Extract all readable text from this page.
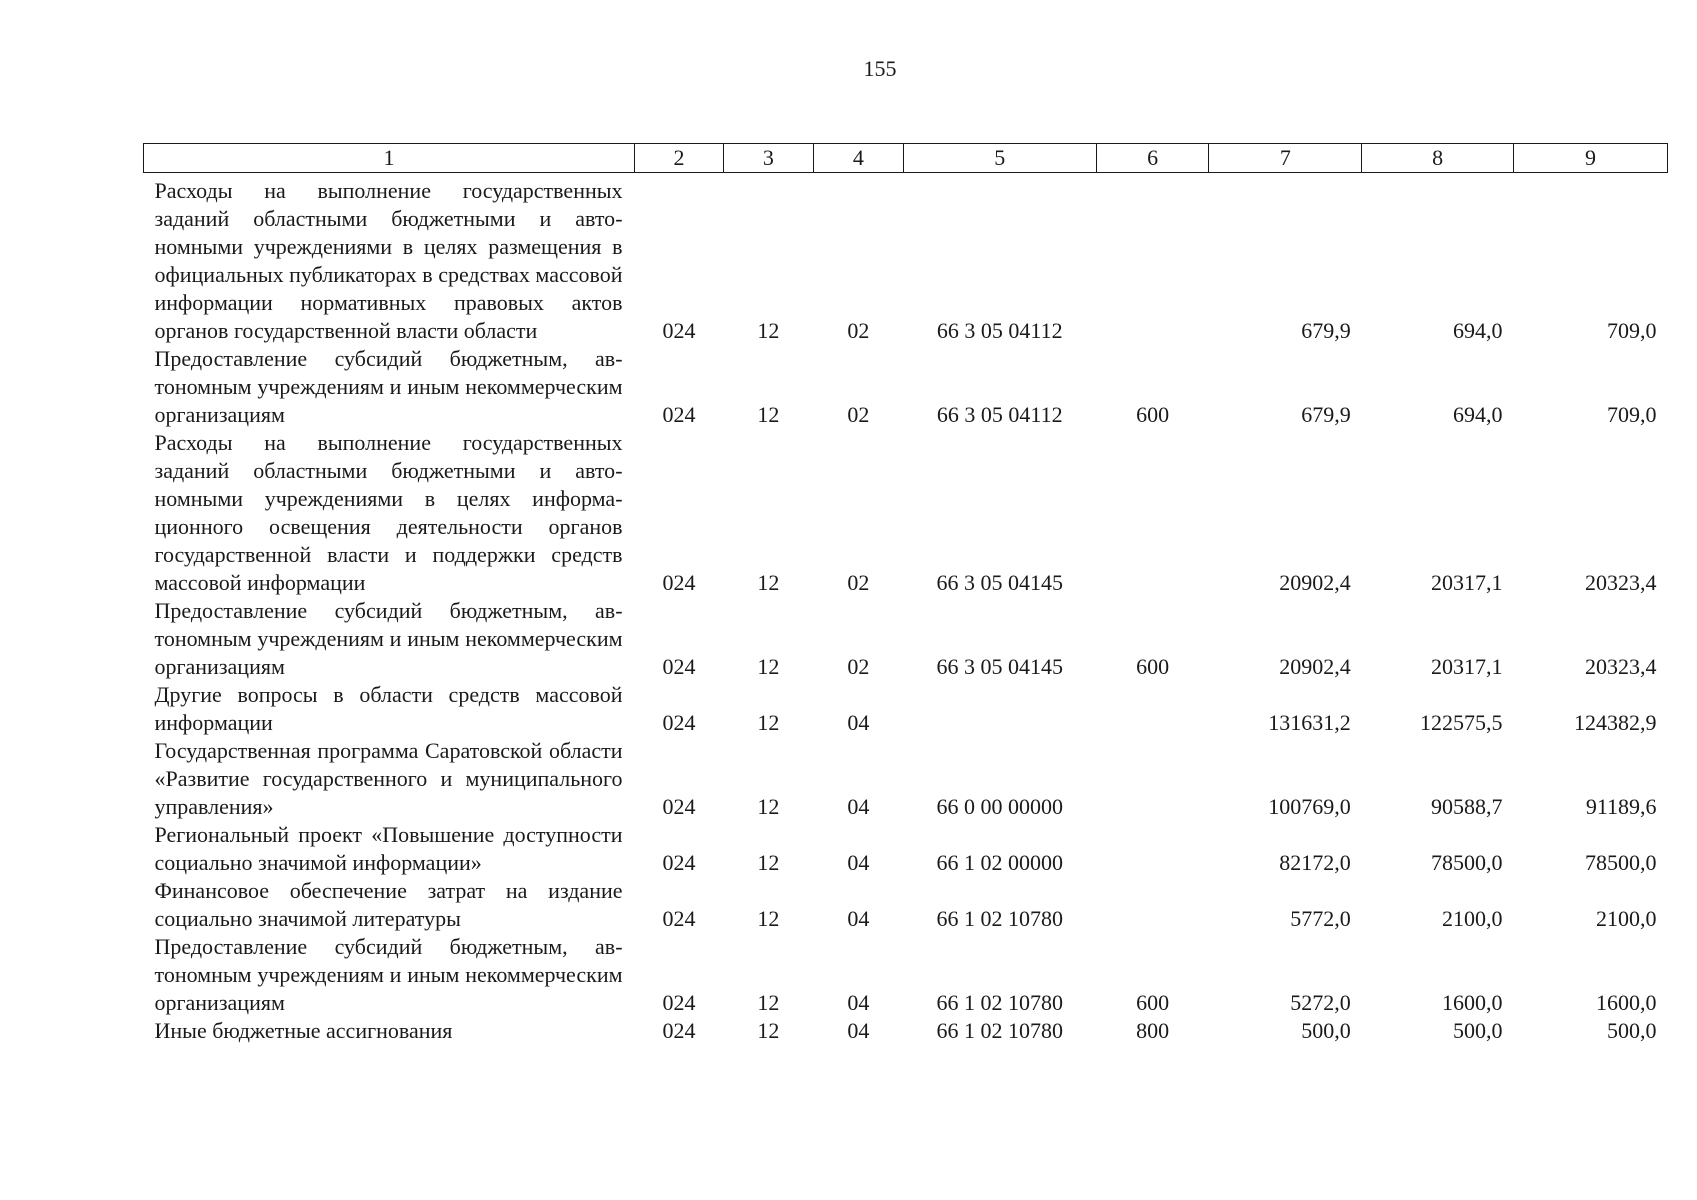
155
1	2	3	4	5	6	7	8	9
Расходы на выполнение государственных заданий областными бюджетными и автономными учреждениями в целях размещения в официальных публикаторах в средствах массовой информации нормативных правовых актов органов государственной власти области	024	12	02	66 3 05 04112		679,9	694,0	709,0
Предоставление субсидий бюджетным, автономным учреждениям и иным некоммерческим организациям	024	12	02	66 3 05 04112	600	679,9	694,0	709,0
Расходы на выполнение государственных заданий областными бюджетными и автономными учреждениями в целях информационного освещения деятельности органов государственной власти и поддержки средств массовой информации	024	12	02	66 3 05 04145		20902,4	20317,1	20323,4
Предоставление субсидий бюджетным, автономным учреждениям и иным некоммерческим организациям	024	12	02	66 3 05 04145	600	20902,4	20317,1	20323,4
Другие вопросы в области средств массовой информации	024	12	04			131631,2	122575,5	124382,9
Государственная программа Саратовской области «Развитие государственного и муниципального управления»	024	12	04	66 0 00 00000		100769,0	90588,7	91189,6
Региональный проект «Повышение доступности социально значимой информации»	024	12	04	66 1 02 00000		82172,0	78500,0	78500,0
Финансовое обеспечение затрат на издание социально значимой литературы	024	12	04	66 1 02 10780		5772,0	2100,0	2100,0
Предоставление субсидий бюджетным, автономным учреждениям и иным некоммерческим организациям	024	12	04	66 1 02 10780	600	5272,0	1600,0	1600,0
Иные бюджетные ассигнования	024	12	04	66 1 02 10780	800	500,0	500,0	500,0
